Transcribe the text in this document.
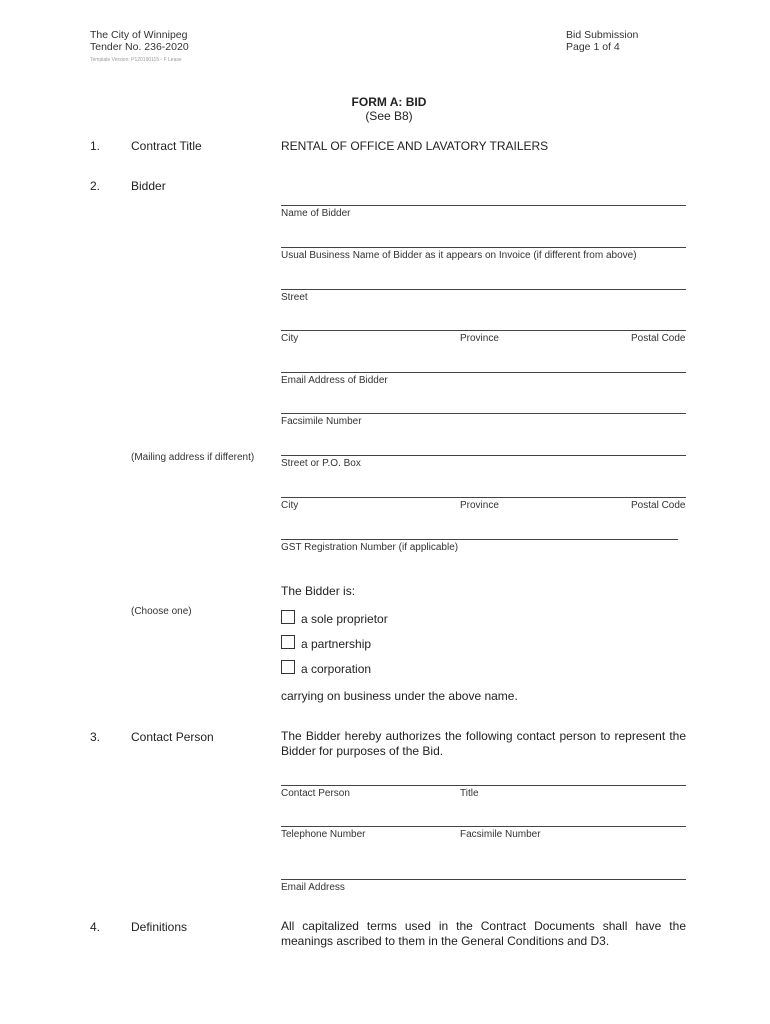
The City of Winnipeg
Tender No. 236-2020
Template Version: P120190115 - F Lease
Bid Submission
Page 1 of 4
FORM A: BID
(See B8)
1.	Contract Title	RENTAL OF OFFICE AND LAVATORY TRAILERS
2.	Bidder
Name of Bidder
Usual Business Name of Bidder as it appears on Invoice (if different from above)
Street
City	Province	Postal Code
Email Address of Bidder
Facsimile Number
(Mailing address if different)
Street or P.O. Box
City	Province	Postal Code
GST Registration Number (if applicable)
The Bidder is:
(Choose one)
a sole proprietor
a partnership
a corporation
carrying on business under the above name.
3.	Contact Person	The Bidder hereby authorizes the following contact person to represent the Bidder for purposes of the Bid.
Contact Person	Title
Telephone Number	Facsimile Number
Email Address
4.	Definitions	All capitalized terms used in the Contract Documents shall have the meanings ascribed to them in the General Conditions and D3.
